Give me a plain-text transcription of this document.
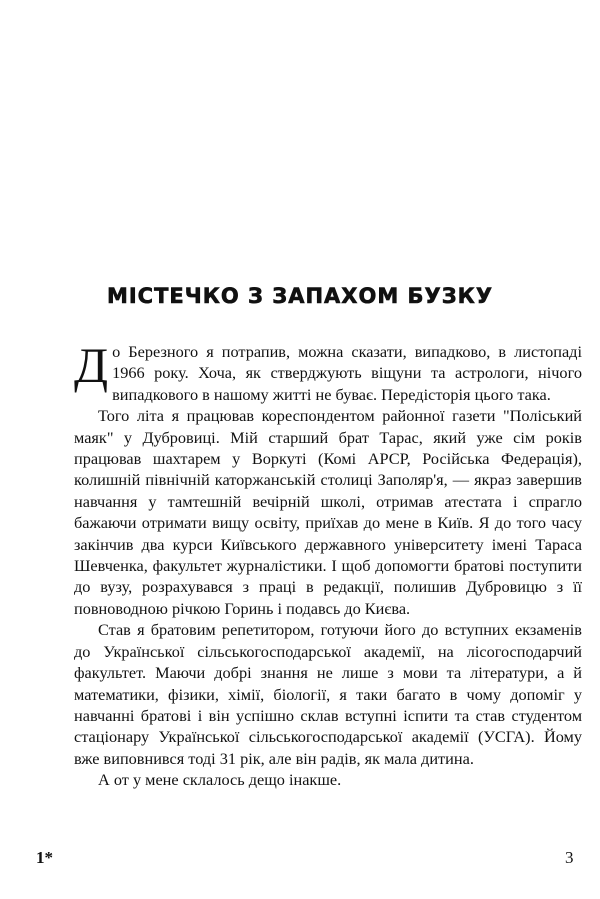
МІСТЕЧКО З ЗАПАХОМ БУЗКУ

До Березного я потрапив, можна сказати, випадково, в листопаді 1966 року. Хоча, як стверджують віщуни та астрологи, нічого випадкового в нашому житті не буває. Передісторія цього така.

Того літа я працював кореспондентом районної газети "Поліський маяк" у Дубровиці. Мій старший брат Тарас, який уже сім років працював шахтарем у Воркуті (Комі АРСР, Російська Федерація), колишній північній каторжанській столиці Заполяр'я, — якраз завершив навчання у тамтешній вечірній школі, отримав атестата і спрагло бажаючи отримати вищу освіту, приїхав до мене в Київ. Я до того часу закінчив два курси Київського державного університету імені Тараса Шевченка, факультет журналістики. І щоб допомогти братові поступити до вузу, розрахувався з праці в редакції, полишив Дубровицю з її повноводною річкою Горинь і подавсь до Києва.

Став я братовим репетитором, готуючи його до вступних екзаменів до Української сільськогосподарської академії, на лісогосподарчий факультет. Маючи добрі знання не лише з мови та літератури, а й математики, фізики, хімії, біології, я таки багато в чому допоміг у навчанні братові і він успішно склав вступні іспити та став студентом стаціонару Української сільськогосподарської академії (УСГА). Йому вже виповнився тоді 31 рік, але він радів, як мала дитина.

А от у мене склалось дещо інакше.

1*	3
